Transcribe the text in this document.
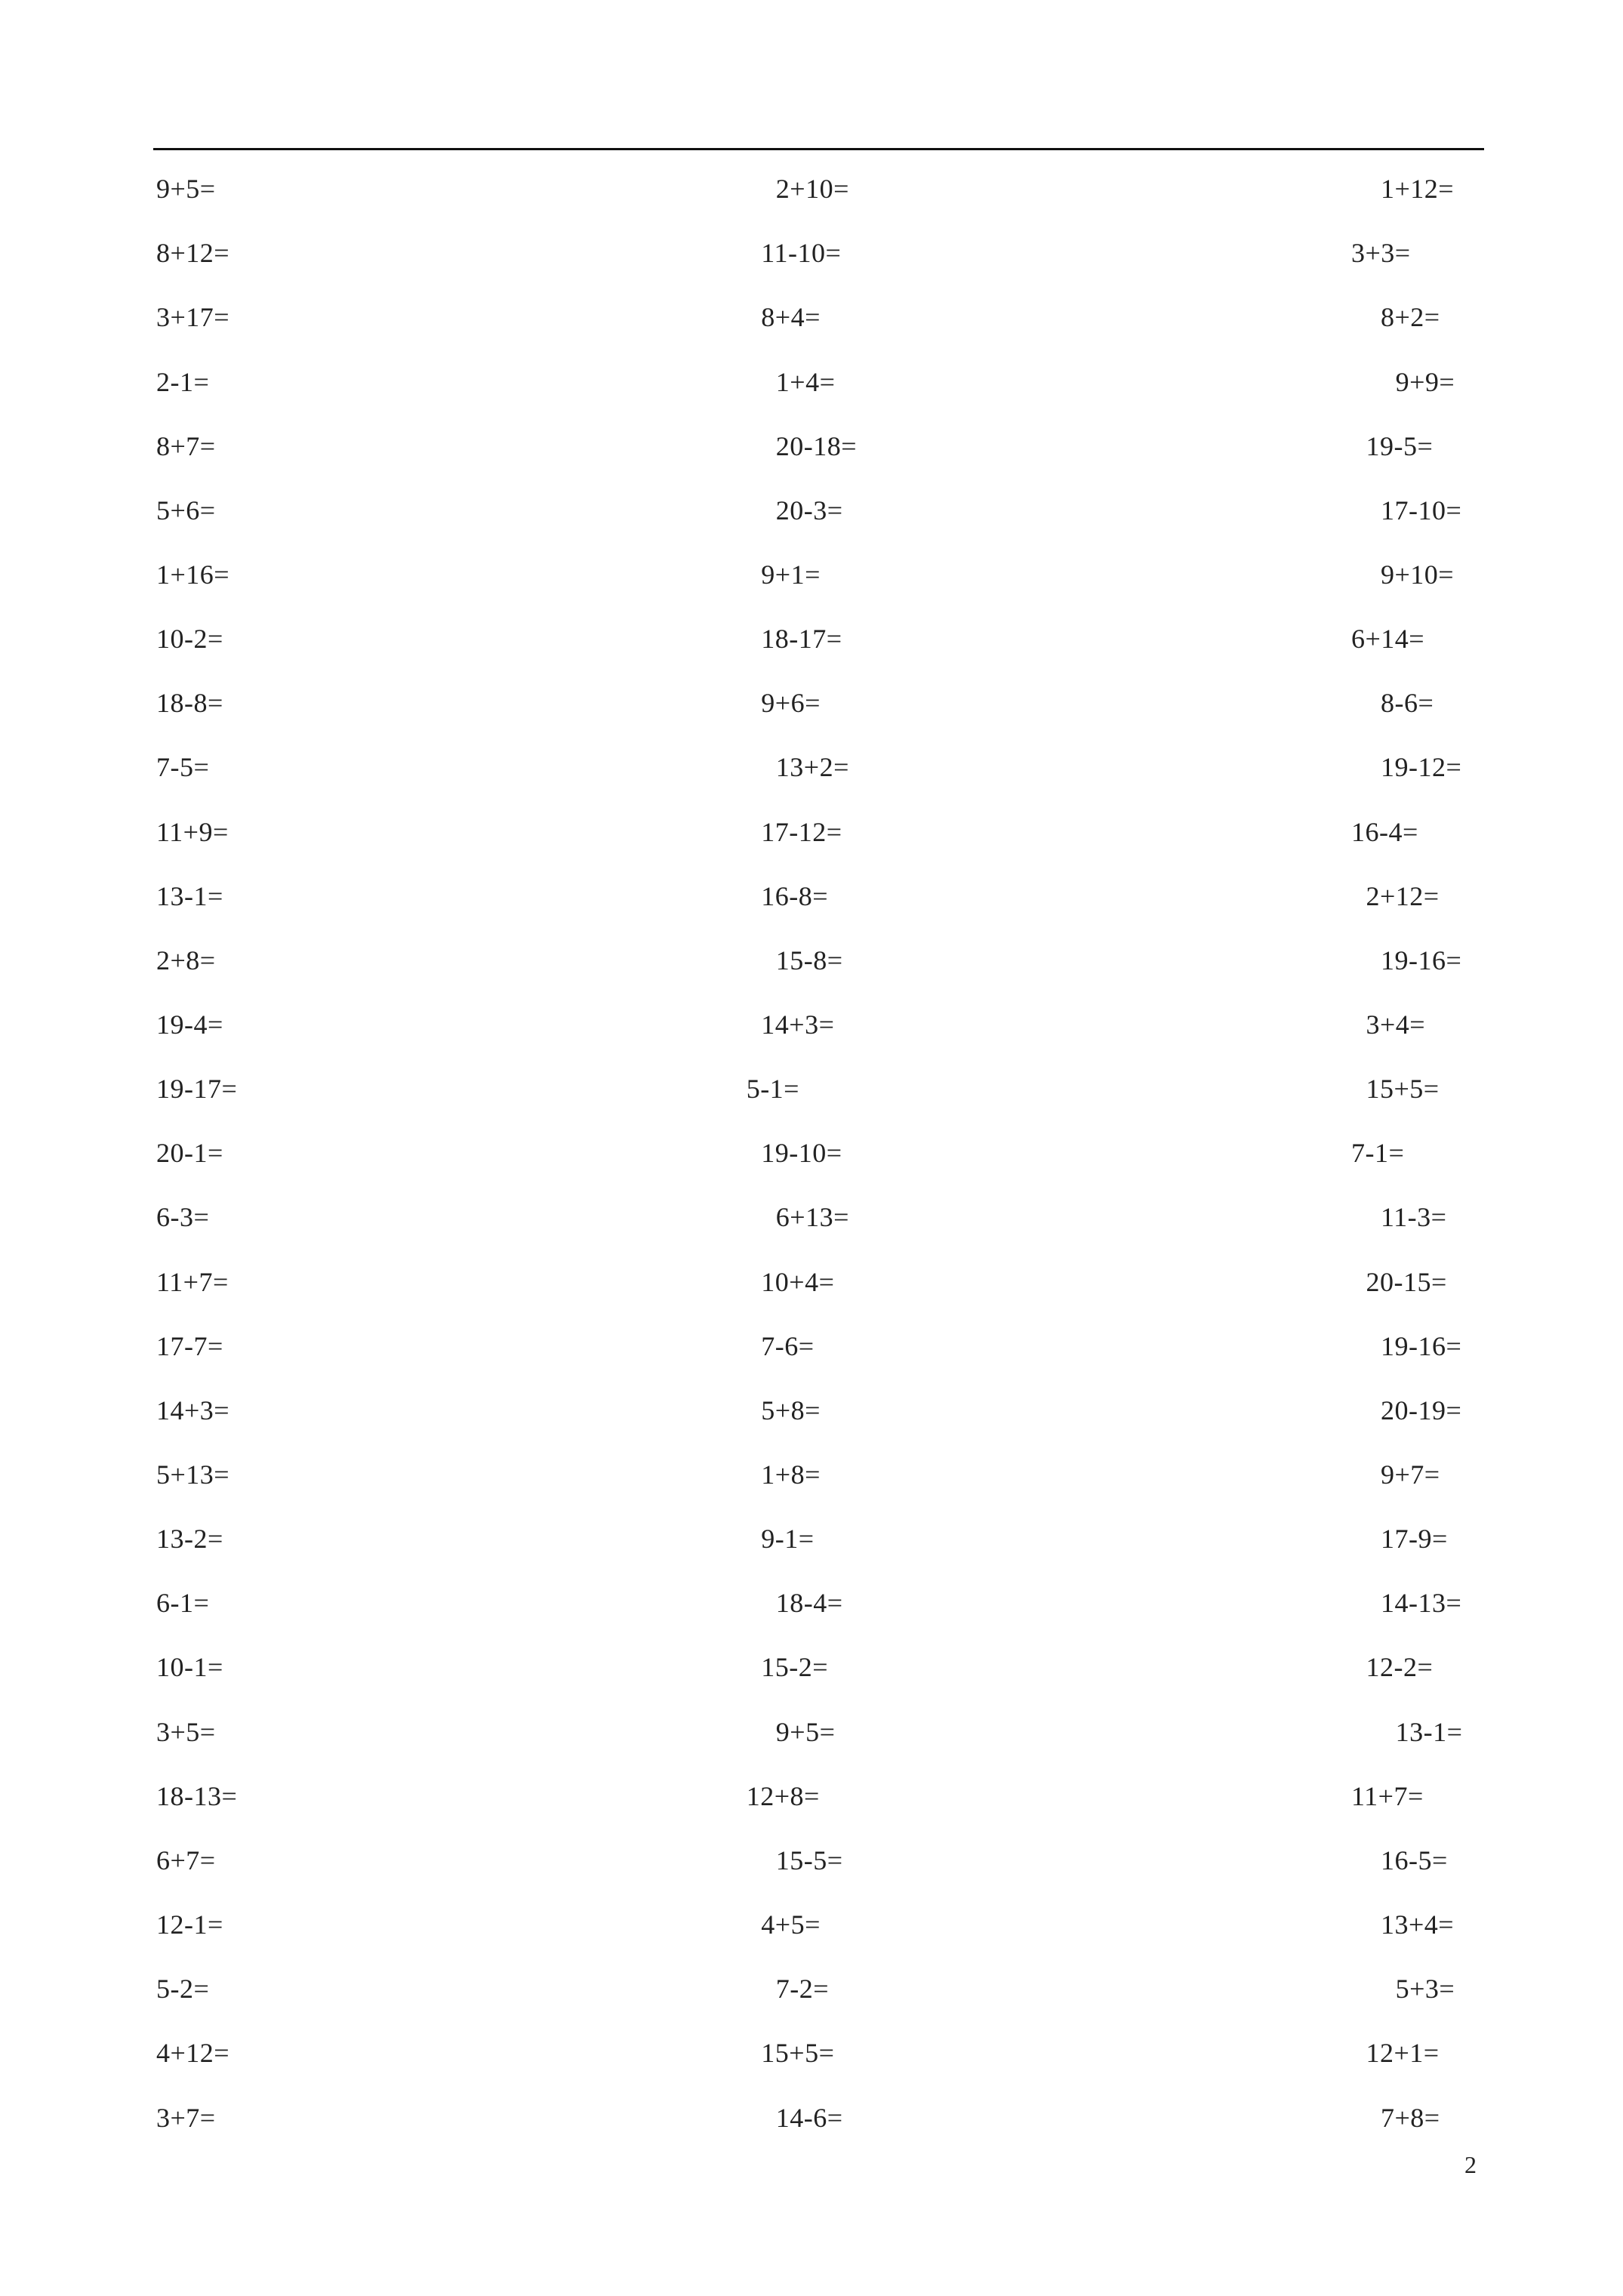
9+5=	2+10=	1+12=
8+12=	11-10=	3+3=
3+17=	8+4=	8+2=
2-1=	1+4=	9+9=
8+7=	20-18=	19-5=
5+6=	20-3=	17-10=
1+16=	9+1=	9+10=
10-2=	18-17=	6+14=
18-8=	9+6=	8-6=
7-5=	13+2=	19-12=
11+9=	17-12=	16-4=
13-1=	16-8=	2+12=
2+8=	15-8=	19-16=
19-4=	14+3=	3+4=
19-17=	5-1=	15+5=
20-1=	19-10=	7-1=
6-3=	6+13=	11-3=
11+7=	10+4=	20-15=
17-7=	7-6=	19-16=
14+3=	5+8=	20-19=
5+13=	1+8=	9+7=
13-2=	9-1=	17-9=
6-1=	18-4=	14-13=
10-1=	15-2=	12-2=
3+5=	9+5=	13-1=
18-13=	12+8=	11+7=
6+7=	15-5=	16-5=
12-1=	4+5=	13+4=
5-2=	7-2=	5+3=
4+12=	15+5=	12+1=
3+7=	14-6=	7+8=
2
